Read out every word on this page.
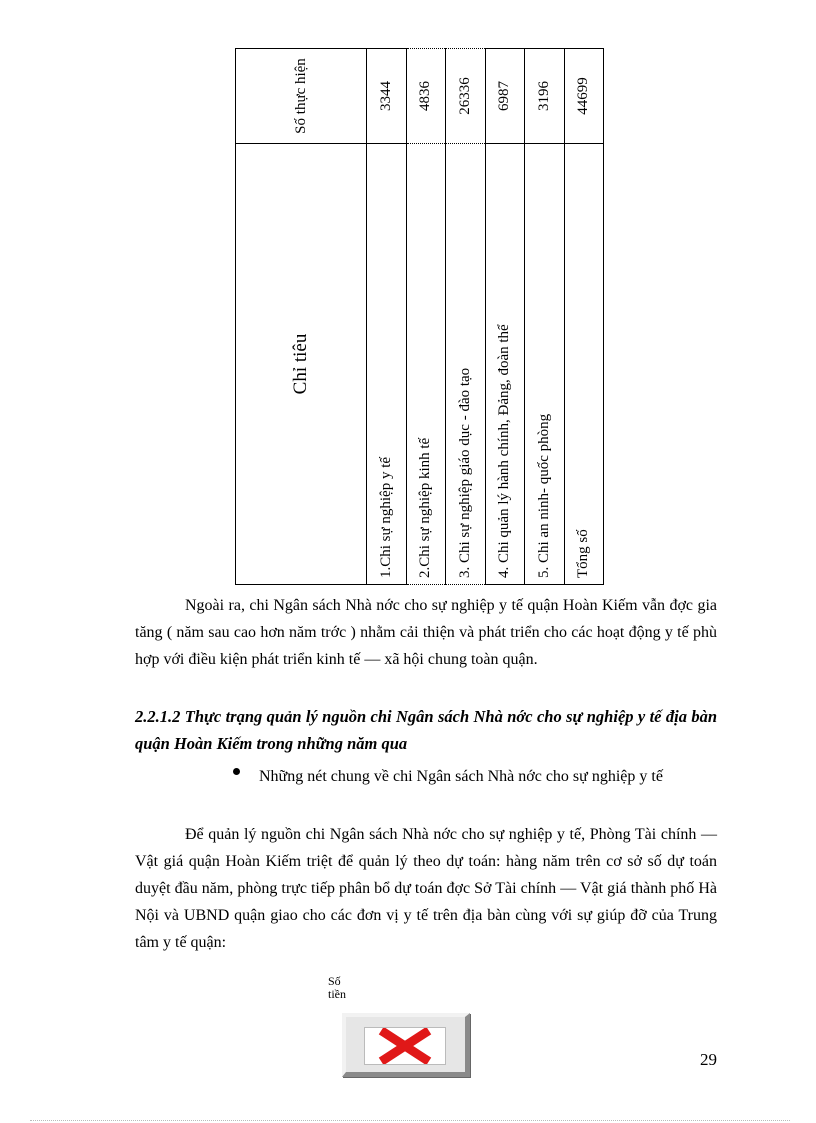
Chỉ tiêu	Số thực hiện
1.Chi sự nghiệp y tế	3344
2.Chi sự nghiệp kinh tế	4836
3. Chi sự nghiệp giáo dục - đào tạo	26336
4. Chi quản lý hành chính, Đảng, đoàn thể	6987
5. Chi an ninh- quốc phòng	3196
Tổng số	44699
Ngoài ra, chi Ngân sách Nhà nớc cho sự nghiệp y tế quận Hoàn Kiếm vẫn đợc gia tăng ( năm sau cao hơn năm trớc ) nhằm cải thiện và phát triển cho các hoạt động y tế phù hợp với điều kiện phát triển kinh tế — xã hội chung toàn quận.
2.2.1.2 Thực trạng quản lý nguồn chi Ngân sách Nhà nớc cho sự nghiệp y tế địa bàn quận Hoàn Kiếm trong những năm qua
Những nét chung về chi Ngân sách Nhà nớc cho sự nghiệp y tế
Để quản lý nguồn chi Ngân sách Nhà nớc cho sự nghiệp y tế, Phòng Tài chính — Vật giá quận Hoàn Kiếm triệt để quản lý theo dự toán: hàng năm trên cơ sở số dự toán duyệt đầu năm, phòng trực tiếp phân bổ dự toán đợc Sở Tài chính — Vật giá thành phố Hà Nội và UBND quận giao cho các đơn vị y tế trên địa bàn cùng với sự giúp đỡ của Trung tâm y tế quận:
Số
tiền
29
